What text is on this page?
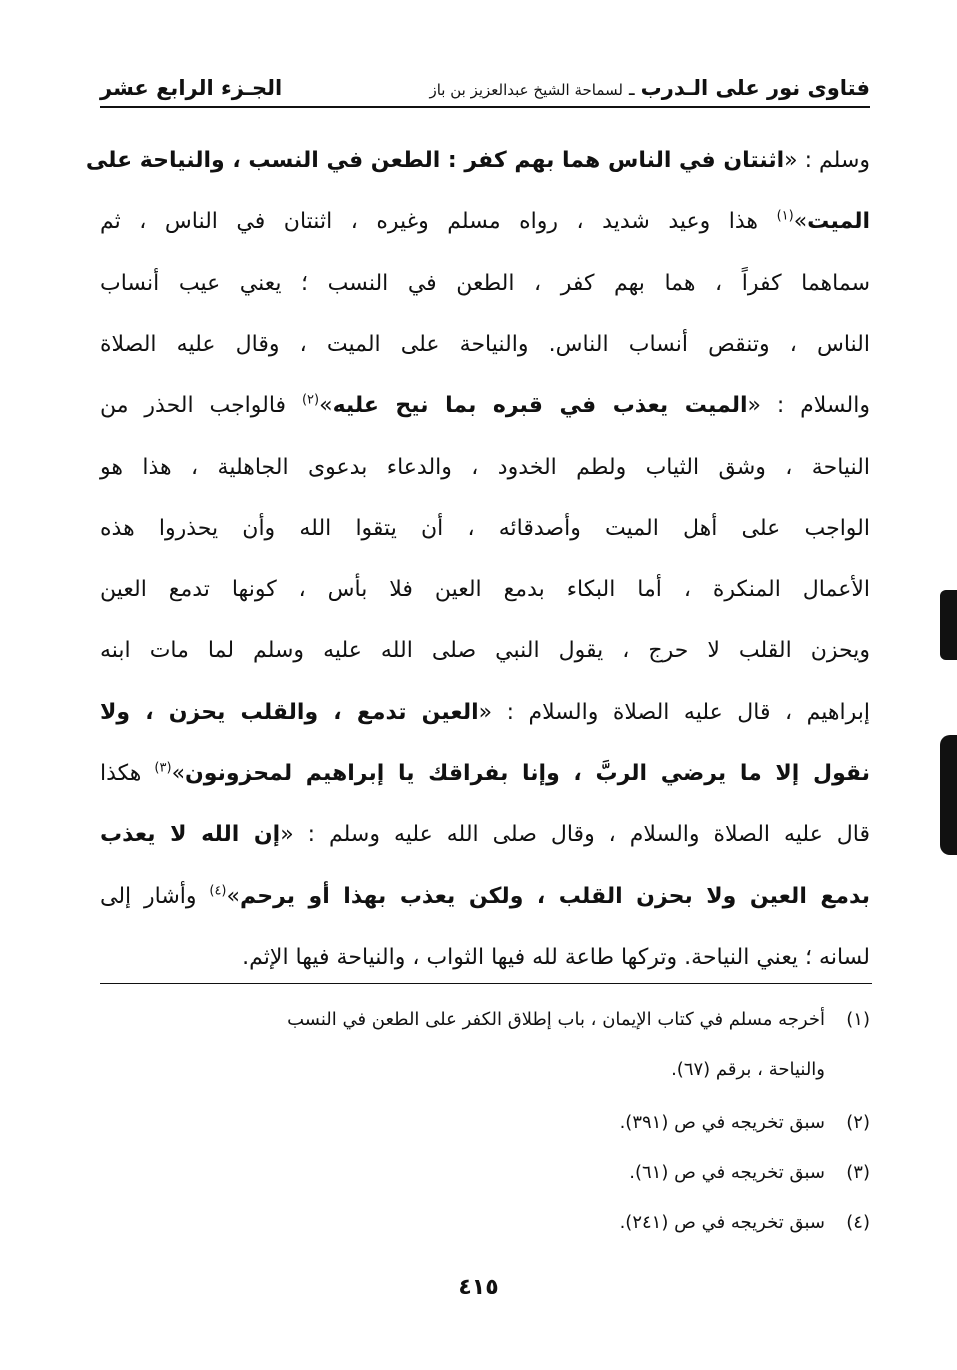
فتاوى نور على الـدرب ـ لسماحة الشيخ عبدالعزيز بن باز
الجـزء الرابع عشر
وسلم : «اثنتان في الناس هما بهم كفر : الطعن في النسب ، والنياحة على
الميت»$^{(١)}$ هذا وعيد شديد ، رواه مسلم وغيره ، اثنتان في الناس ، ثم
سماهما كفراً ، هما بهم كفر ، الطعن في النسب ؛ يعني عيب أنساب
الناس ، وتنقص أنساب الناس. والنياحة على الميت ، وقال عليه الصلاة
والسلام : «الميت يعذب في قبره بما نيح عليه»$^{(٢)}$ فالواجب الحذر من
النياحة ، وشق الثياب ولطم الخدود ، والدعاء بدعوى الجاهلية ، هذا هو
الواجب على أهل الميت وأصدقائه ، أن يتقوا الله وأن يحذروا هذه
الأعمال المنكرة ، أما البكاء بدمع العين فلا بأس ، كونها تدمع العين
ويحزن القلب لا حرج ، يقول النبي صلى الله عليه وسلم لما مات ابنه
إبراهيم ، قال عليه الصلاة والسلام : «العين تدمع ، والقلب يحزن ، ولا
نقول إلا ما يرضي الربَّ ، وإنا بفراقك يا إبراهيم لمحزونون»$^{(٣)}$ هكذا
قال عليه الصلاة والسلام ، وقال صلى الله عليه وسلم : «إن الله لا يعذب
بدمع العين ولا بحزن القلب ، ولكن يعذب بهذا أو يرحم»$^{(٤)}$ وأشار إلى
لسانه ؛ يعني النياحة. وتركها طاعة لله فيها الثواب ، والنياحة فيها الإثم.
(١)أخرجه مسلم في كتاب الإيمان ، باب إطلاق الكفر على الطعن في النسب
والنياحة ، برقم (٦٧).
(٢)سبق تخريجه في ص (٣٩١).
(٣)سبق تخريجه في ص (٦١).
(٤)سبق تخريجه في ص (٢٤١).
٤١٥
